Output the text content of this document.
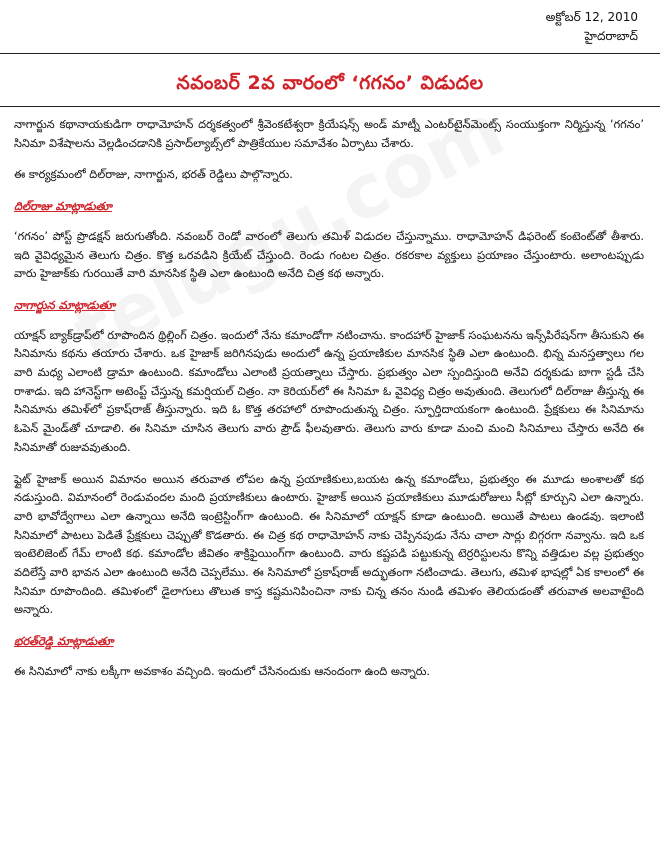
అక్టోబర్ 12, 2010
హైదరాబాద్
నవంబర్ 2వ వారంలో ‘గగనం’ విడుదల

నాగార్జున కథానాయకుడిగా రాధామోహన్ దర్శకత్వంలో శ్రీవెంకటేశ్వరా క్రియేషన్స్ అండ్ మాట్నీ ఎంటర్‌టైన్‌మెంట్స్ సంయుక్తంగా నిర్మిస్తున్న ‘గగనం’ సినిమా విశేషాలను వెల్లడించడానికి ప్రసాద్‌ల్యాబ్స్‌లో పాత్రికేయుల సమావేశం ఏర్పాటు చేశారు.

ఈ కార్యక్రమంలో దిల్‌రాజు, నాగార్జున, భరత్ రెడ్డిలు పాల్గొన్నారు.

దిల్‌రాజు మాట్లాడుతూ

‘గగనం’ పోస్ట్ ప్రొడక్షన్ జరుగుతోంది. నవంబర్ రెండో వారంలో తెలుగు తమిళ్ విడుదల చేస్తున్నాము. రాధామోహన్ డిఫరెంట్ కంటెంట్‌తో తీశారు. ఇది వైవిధ్యమైన తెలుగు చిత్రం. కొత్త ఒరవడిని క్రియేట్ చేస్తుంది. రెండు గంటల చిత్రం. రకరకాల వ్యక్తులు ప్రయాణం చేస్తుంటారు. అలాంటప్పుడు వారు హైజాక్‌కు గురయితే వారి మానసిక స్థితి ఎలా ఉంటుంది అనేది చిత్ర కథ అన్నారు.

నాగార్జున మాట్లాడుతూ

యాక్షన్ బ్యాక్‌డ్రాప్‌లో రూపొందిన థ్రిల్లింగ్ చిత్రం. ఇందులో నేను కమాండోగా నటించాను. కాందహార్ హైజాక్ సంఘటనను ఇన్స్‌పిరేషన్‌గా తీసుకుని ఈ సినిమాను కథను తయారు చేశారు. ఒక హైజాక్ జరిగినపుడు అందులో ఉన్న ప్రయాణికుల మానసిక స్థితి ఎలా ఉంటుంది. భిన్న మనస్తత్వాలు గల వారి మధ్య ఎలాంటి డ్రామా ఉంటుంది. కమాండోలు ఎలాంటి ప్రయత్నాలు చేస్తారు. ప్రభుత్వం ఎలా స్పందిస్తుంది అనేవి దర్శకుడు బాగా స్టడీ చేసి రాశాడు. ఇది హానెస్ట్‌గా అటెంప్ట్ చేస్తున్న కమర్షియల్ చిత్రం. నా కెరియర్‌లో ఈ సినిమా ఓ వైవిధ్య చిత్రం అవుతుంది. తెలుగులో దిల్‌రాజు తీస్తున్న ఈ సినిమాను తమిళ్‌లో ప్రకాష్‌రాజ్ తీస్తున్నారు. ఇది ఓ కొత్త తరహాలో రూపొందుతున్న చిత్రం. స్ఫూర్తిదాయకంగా ఉంటుంది. ప్రేక్షకులు ఈ సినిమాను ఓపెన్ మైండ్‌తో చూడాలి. ఈ సినిమా చూసిన తెలుగు వారు ప్రౌడ్ ఫీలవుతారు. తెలుగు వారు కూడా మంచి మంచి సినిమాలు చేస్తారు అనేది ఈ సినిమాతో రుజువవుతుంది.

ఫ్లైట్ హైజాక్ అయిన విమానం అయిన తరువాత లోపల ఉన్న ప్రయాణికులు,బయట ఉన్న కమాండోలు, ప్రభుత్వం ఈ మూడు అంశాలతో కథ నడుస్తుంది. విమానంలో రెండువందల మంది ప్రయాణికులు ఉంటారు. హైజాక్ అయిన ప్రయాణికులు మూడురోజులు సీట్లో కూర్చుని ఎలా ఉన్నారు. వారి భావోద్వేగాలు ఎలా ఉన్నాయి అనేది ఇంట్రెస్టింగ్‌గా ఉంటుంది. ఈ సినిమాలో యాక్షన్ కూడా ఉంటుంది. అయితే పాటలు ఉండవు. ఇలాంటి సినిమాలో పాటలు పెడితే ప్రేక్షకులు చెప్పుతో కొడతారు. ఈ చిత్ర కథ రాధామోహన్ నాకు చెప్పినపుడు నేను చాలా సార్లు బిగ్గరగా నవ్వాను. ఇది ఒక ఇంటెలిజెంట్ గేమ్ లాంటి కథ. కమాండోల జీవితం శాక్రిఫైయింగ్‌గా ఉంటుంది. వారు కష్టపడి పట్టుకున్న టెర్రరిస్టులను కొన్ని వత్తిడుల వల్ల ప్రభుత్వం వదిలేస్తే వారి భావన ఎలా ఉంటుంది అనేది చెప్పలేము. ఈ సినిమాలో ప్రకాష్‌రాజ్ అద్భుతంగా నటించాడు. తెలుగు, తమిళ భాషల్లో ఏక కాలంలో ఈ సినిమా రూపొందింది. తమిళంలో డైలాగులు తొలుత కాస్త కష్టమనిపించినా నాకు చిన్న తనం నుండి తమిళం తెలియడంతో తరువాత అలవాటైంది అన్నారు.

భరత్‌రెడ్డి మాట్లాడుతూ

ఈ సినిమాలో నాకు లక్కీగా అవకాశం వచ్చింది. ఇందులో చేసినందుకు ఆనందంగా ఉంది అన్నారు.
